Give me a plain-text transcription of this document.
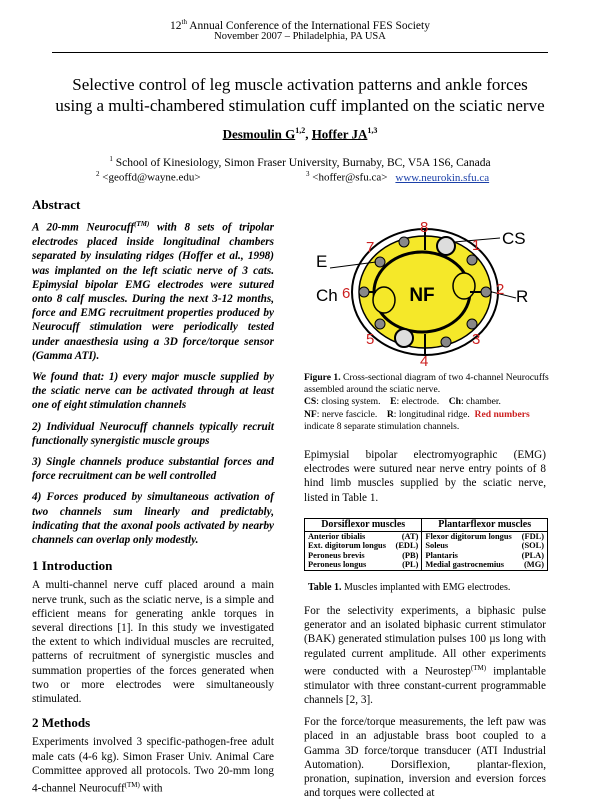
12th Annual Conference of the International FES Society
November 2007 – Philadelphia, PA USA
Selective control of leg muscle activation patterns and ankle forces
using a multi-chambered stimulation cuff implanted on the sciatic nerve
Desmoulin G$^{1,2}$, Hoffer JA$^{1,3}$
$^1$ School of Kinesiology, Simon Fraser University, Burnaby, BC, V5A 1S6, Canada
$^2$ <geoffd@wayne.edu>	$^3$ <hoffer@sfu.ca> www.neurokin.sfu.ca
Abstract

A 20-mm Neurocuff$^{(TM)}$ with 8 sets of tripolar electrodes placed inside longitudinal chambers separated by insulating ridges (Hoffer et al., 1998) was implanted on the left sciatic nerve of 3 cats. Epimysial bipolar EMG electrodes were sutured onto 8 calf muscles. During the next 3-12 months, force and EMG recruitment properties produced by Neurocuff stimulation were periodically tested under anaesthesia using a 3D force/torque sensor (Gamma ATI).

We found that: 1) every major muscle supplied by the sciatic nerve can be activated through at least one of eight stimulation channels

2) Individual Neurocuff channels typically recruit functionally synergistic muscle groups

3) Single channels produce substantial forces and force recruitment can be well controlled

4) Forces produced by simultaneous activation of two channels sum linearly and predictably, indicating that the axonal pools activated by nearby channels can overlap only modestly.

1 Introduction

A multi-channel nerve cuff placed around a main nerve trunk, such as the sciatic nerve, is a simple and efficient means for generating ankle torques in several directions [1]. In this study we investigated the extent to which individual muscles are recruited, patterns of recruitment of synergistic muscles and summation properties of the forces generated when two or more electrodes were simultaneously stimulated.

2 Methods

Experiments involved 3 specific-pathogen-free adult male cats (4-6 kg). Simon Fraser Univ. Animal Care Committee approved all protocols. Two 20-mm long 4-channel Neurocuff$^{(TM)}$ with

NF
CS
E
Ch	R
8
1
2
3
4
5
6
7
Figure 1. Cross-sectional diagram of two 4-channel Neurocuffs assembled around the sciatic nerve.
CS: closing system. E: electrode. Ch: chamber.
NF: nerve fascicle. R: longitudinal ridge. Red numbers indicate 8 separate stimulation channels.
Epimysial bipolar electromyographic (EMG) electrodes were sutured near nerve entry points of 8 hind limb muscles supplied by the sciatic nerve, listed in Table 1.
Dorsiflexor muscles		Plantarflexor muscles	
Anterior tibialis	(AT)	Flexor digitorum longus	(FDL)
Ext. digitorum longus	(EDL)	Soleus	(SOL)
Peroneus brevis	(PB)	Plantaris	(PLA)
Peroneus longus	(PL)	Medial gastrocnemius	(MG)
Table 1. Muscles implanted with EMG electrodes.

For the selectivity experiments, a biphasic pulse generator and an isolated biphasic current stimulator (BAK) generated stimulation pulses 100 µs long with regulated current amplitude. All other experiments were conducted with a Neurostep$^{(TM)}$ implantable stimulator with three constant-current programmable channels [2, 3].

For the force/torque measurements, the left paw was placed in an adjustable brass boot coupled to a Gamma 3D force/torque transducer (ATI Industrial Automation). Dorsiflexion, plantar-flexion, pronation, supination, inversion and eversion forces and torques were collected at
